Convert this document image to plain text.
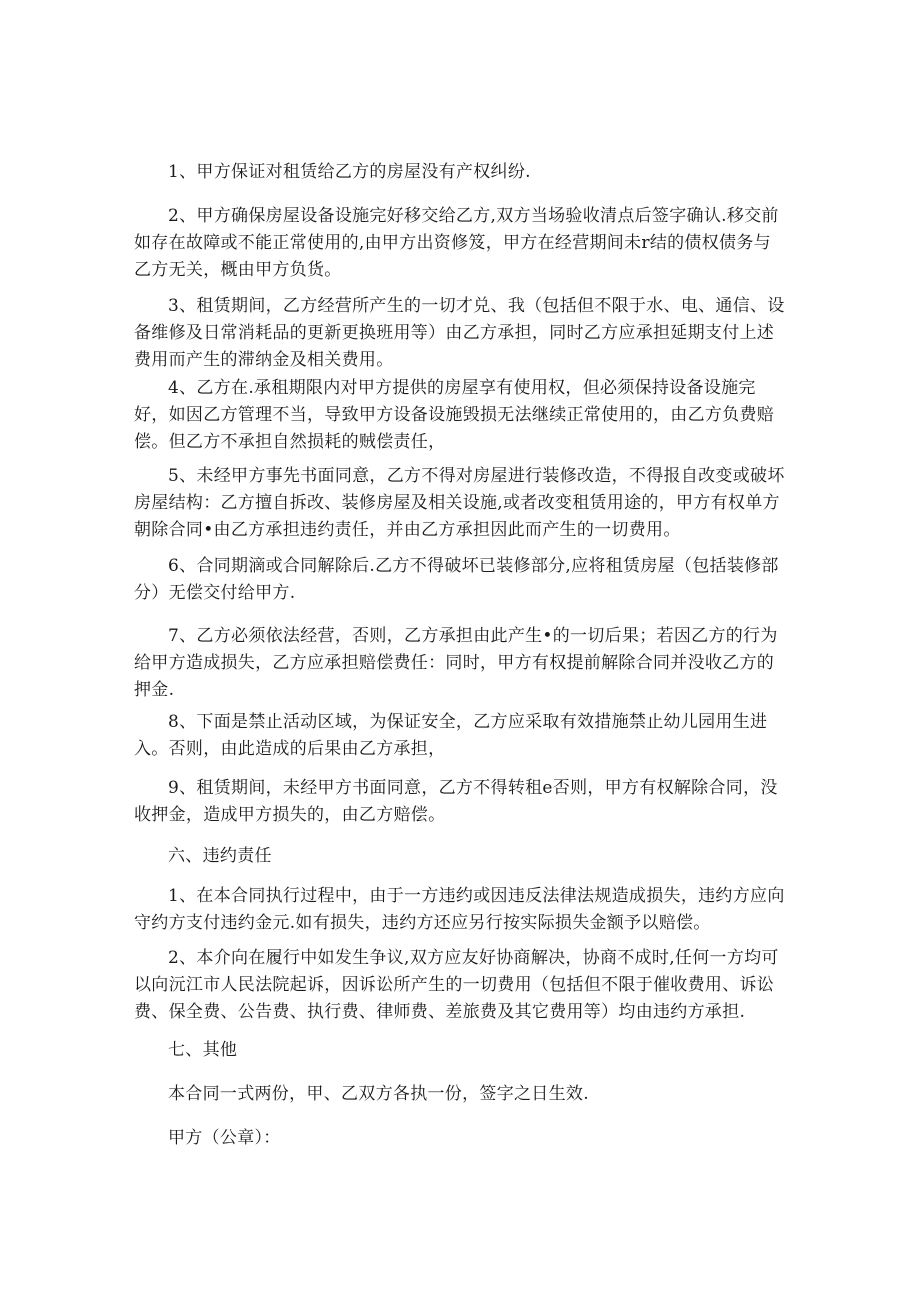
1、甲方保证对租赁给乙方的房屋没有产权纠纷.
2、甲方确保房屋设备设施完好移交给乙方,双方当场验收清点后签字确认.移交前如存在故障或不能正常使用的,由甲方出资修笈，甲方在经营期间未r结的债权债务与乙方无关，概由甲方负货。
3、租赁期间，乙方经营所产生的一切才兑、我（包括但不限于水、电、通信、设备维修及日常消耗品的更新更换班用等）由乙方承担，同时乙方应承担延期支付上述费用而产生的滞纳金及相关费用。
4、乙方在.承租期限内对甲方提供的房屋享有使用权，但必须保持设备设施完好，如因乙方管理不当，导致甲方设备设施毁损无法继续正常使用的，由乙方负费赔偿。但乙方不承担自然损耗的贼偿责任，
5、未经甲方事先书面同意，乙方不得对房屋进行装修改造，不得报自改变或破坏房屋结构：乙方擅自拆改、装修房屋及相关设施,或者改变租赁用途的，甲方有权单方朝除合同•由乙方承担违约责任，并由乙方承担因此而产生的一切费用。
6、合同期滴或合同解除后.乙方不得破坏已装修部分,应将租赁房屋（包括装修部分）无偿交付给甲方.
7、乙方必须依法经营，否则，乙方承担由此产生•的一切后果；若因乙方的行为给甲方造成损失，乙方应承担赔偿费任：同时，甲方有权提前解除合同并没收乙方的押金.
8、下面是禁止活动区域，为保证安全，乙方应采取有效措施禁止幼儿园用生进入。否则，由此造成的后果由乙方承担，
9、租赁期间，未经甲方书面同意，乙方不得转租e否则，甲方有权解除合同，没收押金，造成甲方损失的，由乙方赔偿。
六、违约责任
1、在本合同执行过程中，由于一方违约或因违反法律法规造成损失，违约方应向守约方支付违约金元.如有损失，违约方还应另行按实际损失金额予以赔偿。
2、本介向在履行中如发生争议,双方应友好协商解决，协商不成时,任何一方均可以向沅江市人民法院起诉，因诉讼所产生的一切费用（包括但不限于催收费用、诉讼费、保全费、公告费、执行费、律师费、差旅费及其它费用等）均由违约方承担.
七、其他
本合同一式两份，甲、乙双方各执一份，签字之日生效.
甲方（公章）：
